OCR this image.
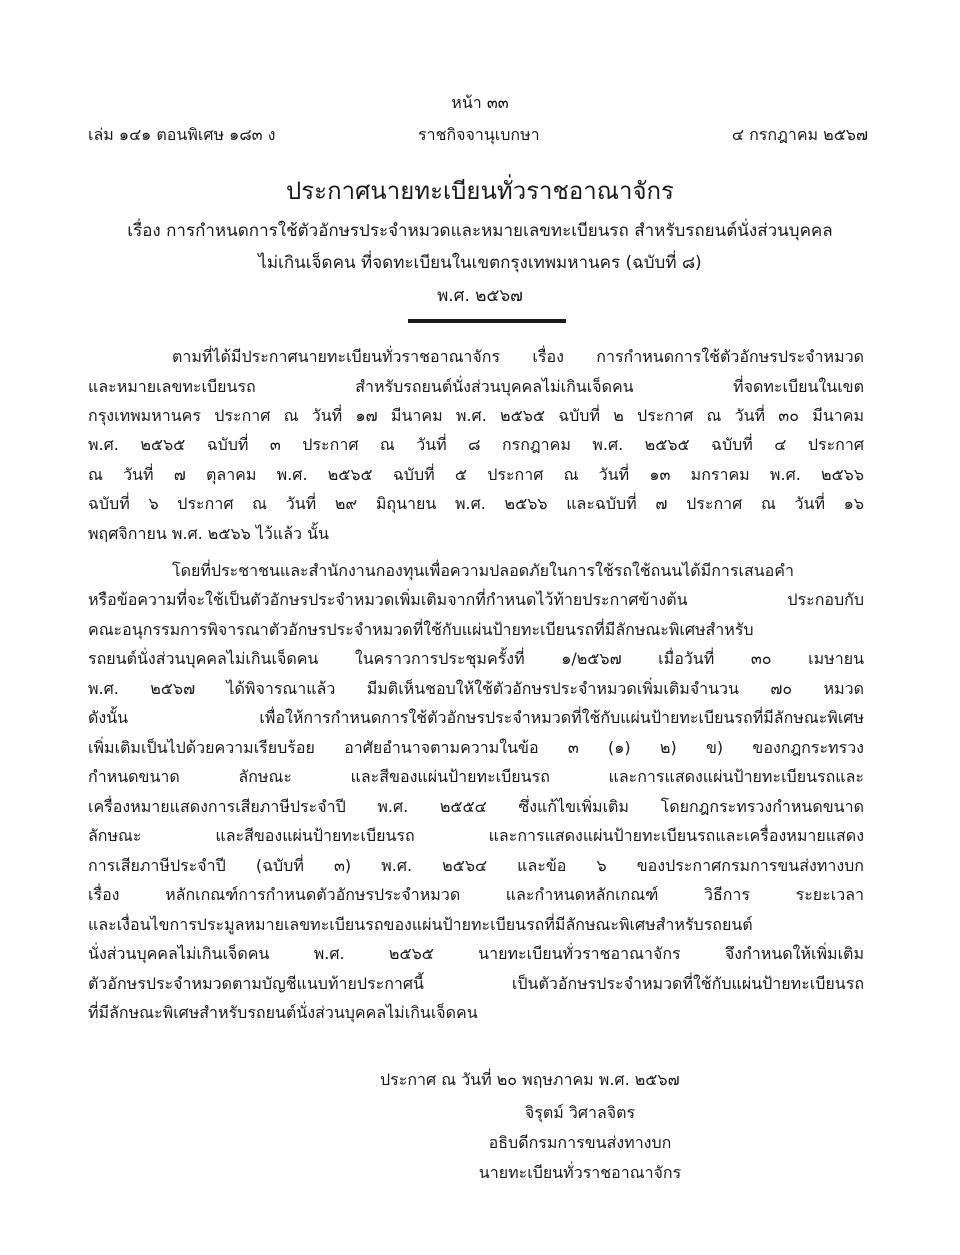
หน้า ๓๓
เล่ม ๑๔๑ ตอนพิเศษ ๑๘๓ ง	ราชกิจจานุเบกษา	๔ กรกฎาคม ๒๕๖๗
ประกาศนายทะเบียนทั่วราชอาณาจักร
เรื่อง การกำหนดการใช้ตัวอักษรประจำหมวดและหมายเลขทะเบียนรถ สำหรับรถยนต์นั่งส่วนบุคคล
ไม่เกินเจ็ดคน ที่จดทะเบียนในเขตกรุงเทพมหานคร (ฉบับที่ ๘)
พ.ศ. ๒๕๖๗
ตามที่ได้มีประกาศนายทะเบียนทั่วราชอาณาจักร เรื่อง การกำหนดการใช้ตัวอักษรประจำหมวด
และหมายเลขทะเบียนรถ สำหรับรถยนต์นั่งส่วนบุคคลไม่เกินเจ็ดคน ที่จดทะเบียนในเขต
กรุงเทพมหานคร ประกาศ ณ วันที่ ๑๗ มีนาคม พ.ศ. ๒๕๖๕ ฉบับที่ ๒ ประกาศ ณ วันที่ ๓๐ มีนาคม
พ.ศ. ๒๕๖๕ ฉบับที่ ๓ ประกาศ ณ วันที่ ๘ กรกฎาคม พ.ศ. ๒๕๖๕ ฉบับที่ ๔ ประกาศ
ณ วันที่ ๗ ตุลาคม พ.ศ. ๒๕๖๕ ฉบับที่ ๕ ประกาศ ณ วันที่ ๑๓ มกราคม พ.ศ. ๒๕๖๖
ฉบับที่ ๖ ประกาศ ณ วันที่ ๒๙ มิถุนายน พ.ศ. ๒๕๖๖ และฉบับที่ ๗ ประกาศ ณ วันที่ ๑๖
พฤศจิกายน พ.ศ. ๒๕๖๖ ไว้แล้ว นั้น
โดยที่ประชาชนและสำนักงานกองทุนเพื่อความปลอดภัยในการใช้รถใช้ถนนได้มีการเสนอคำ
หรือข้อความที่จะใช้เป็นตัวอักษรประจำหมวดเพิ่มเติมจากที่กำหนดไว้ท้ายประกาศข้างต้น ประกอบกับ
คณะอนุกรรมการพิจารณาตัวอักษรประจำหมวดที่ใช้กับแผ่นป้ายทะเบียนรถที่มีลักษณะพิเศษสำหรับ
รถยนต์นั่งส่วนบุคคลไม่เกินเจ็ดคน ในคราวการประชุมครั้งที่ ๑/๒๕๖๗ เมื่อวันที่ ๓๐ เมษายน
พ.ศ. ๒๕๖๗ ได้พิจารณาแล้ว มีมติเห็นชอบให้ใช้ตัวอักษรประจำหมวดเพิ่มเติมจำนวน ๗๐ หมวด
ดังนั้น เพื่อให้การกำหนดการใช้ตัวอักษรประจำหมวดที่ใช้กับแผ่นป้ายทะเบียนรถที่มีลักษณะพิเศษ
เพิ่มเติมเป็นไปด้วยความเรียบร้อย อาศัยอำนาจตามความในข้อ ๓ (๑) ๒) ข) ของกฎกระทรวง
กำหนดขนาด ลักษณะ และสีของแผ่นป้ายทะเบียนรถ และการแสดงแผ่นป้ายทะเบียนรถและ
เครื่องหมายแสดงการเสียภาษีประจำปี พ.ศ. ๒๕๕๔ ซึ่งแก้ไขเพิ่มเติม โดยกฎกระทรวงกำหนดขนาด
ลักษณะ และสีของแผ่นป้ายทะเบียนรถ และการแสดงแผ่นป้ายทะเบียนรถและเครื่องหมายแสดง
การเสียภาษีประจำปี (ฉบับที่ ๓) พ.ศ. ๒๕๖๔ และข้อ ๖ ของประกาศกรมการขนส่งทางบก
เรื่อง หลักเกณฑ์การกำหนดตัวอักษรประจำหมวด และกำหนดหลักเกณฑ์ วิธีการ ระยะเวลา
และเงื่อนไขการประมูลหมายเลขทะเบียนรถของแผ่นป้ายทะเบียนรถที่มีลักษณะพิเศษสำหรับรถยนต์
นั่งส่วนบุคคลไม่เกินเจ็ดคน พ.ศ. ๒๕๖๕ นายทะเบียนทั่วราชอาณาจักร จึงกำหนดให้เพิ่มเติม
ตัวอักษรประจำหมวดตามบัญชีแนบท้ายประกาศนี้ เป็นตัวอักษรประจำหมวดที่ใช้กับแผ่นป้ายทะเบียนรถ
ที่มีลักษณะพิเศษสำหรับรถยนต์นั่งส่วนบุคคลไม่เกินเจ็ดคน
ประกาศ ณ วันที่ ๒๐ พฤษภาคม พ.ศ. ๒๕๖๗
จิรุตม์ วิศาลจิตร
อธิบดีกรมการขนส่งทางบก
นายทะเบียนทั่วราชอาณาจักร
